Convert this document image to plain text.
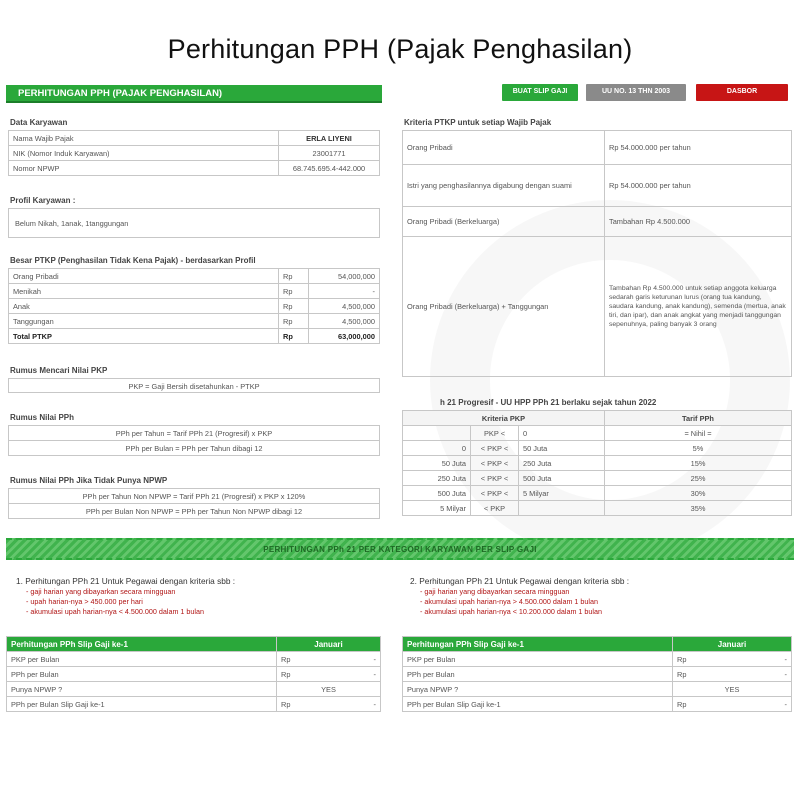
Perhitungan PPH (Pajak Penghasilan)
PERHITUNGAN PPH (PAJAK PENGHASILAN)	BUAT SLIP GAJI	UU NO. 13 THN 2003	DASBOR
Data Karyawan
Nama Wajib Pajak	ERLA LIYENI
NIK (Nomor Induk Karyawan)	23001771
Nomor NPWP	68.745.695.4-442.000
Profil Karyawan :
Belum Nikah, 1anak, 1tanggungan
Besar PTKP (Penghasilan Tidak Kena Pajak) - berdasarkan Profil
Orang Pribadi	Rp	54,000,000
Menikah	Rp	-
Anak	Rp	4,500,000
Tanggungan	Rp	4,500,000
Total PTKP	Rp	63,000,000
Rumus Mencari Nilai PKP
PKP = Gaji Bersih disetahunkan - PTKP
Rumus Nilai PPh
PPh per Tahun = Tarif PPh 21 (Progresif) x PKP
PPh per Bulan = PPh per Tahun dibagi 12
Rumus Nilai PPh Jika Tidak Punya NPWP
PPh per Tahun Non NPWP = Tarif PPh 21 (Progresif) x PKP x 120%
PPh per Bulan Non NPWP = PPh per Tahun Non NPWP dibagi 12
Kriteria PTKP untuk setiap Wajib Pajak
Orang Pribadi	Rp 54.000.000 per tahun
Istri yang penghasilannya digabung dengan suami	Rp 54.000.000 per tahun
Orang Pribadi (Berkeluarga)	Tambahan Rp 4.500.000
Orang Pribadi (Berkeluarga) + Tanggungan	Tambahan Rp 4.500.000 untuk setiap anggota keluarga sedarah garis keturunan lurus (orang tua kandung, saudara kandung, anak kandung), semenda (mertua, anak tiri, dan ipar), dan anak angkat yang menjadi tanggungan sepenuhnya, paling banyak 3 orang
h 21 Progresif - UU HPP PPh 21 berlaku sejak tahun 2022
Kriteria PKP			Tarif PPh
	PKP <	0	= Nihil =
0	< PKP <	50 Juta	5%
50 Juta	< PKP <	250 Juta	15%
250 Juta	< PKP <	500 Juta	25%
500 Juta	< PKP <	5 Milyar	30%
5 Milyar	< PKP		35%
PERHITUNGAN PPh 21 PER KATEGORI KARYAWAN PER SLIP GAJI
1. Perhitungan PPh 21 Untuk Pegawai dengan kriteria sbb :
- gaji harian yang dibayarkan secara mingguan
- upah harian-nya > 450.000 per hari
- akumulasi upah harian-nya < 4.500.000 dalam 1 bulan
2. Perhitungan PPh 21 Untuk Pegawai dengan kriteria sbb :
- gaji harian yang dibayarkan secara mingguan
- akumulasi upah harian-nya > 4.500.000 dalam 1 bulan
- akumulasi upah harian-nya < 10.200.000 dalam 1 bulan
Perhitungan PPh Slip Gaji ke-1	Januari
PKP per Bulan	Rp -

PPh per Bulan	Rp -

Punya NPWP ?	YES
PPh per Bulan Slip Gaji ke-1	Rp -
Perhitungan PPh Slip Gaji ke-1	Januari
PKP per Bulan	Rp -

PPh per Bulan	Rp -

Punya NPWP ?	YES
PPh per Bulan Slip Gaji ke-1	Rp -
